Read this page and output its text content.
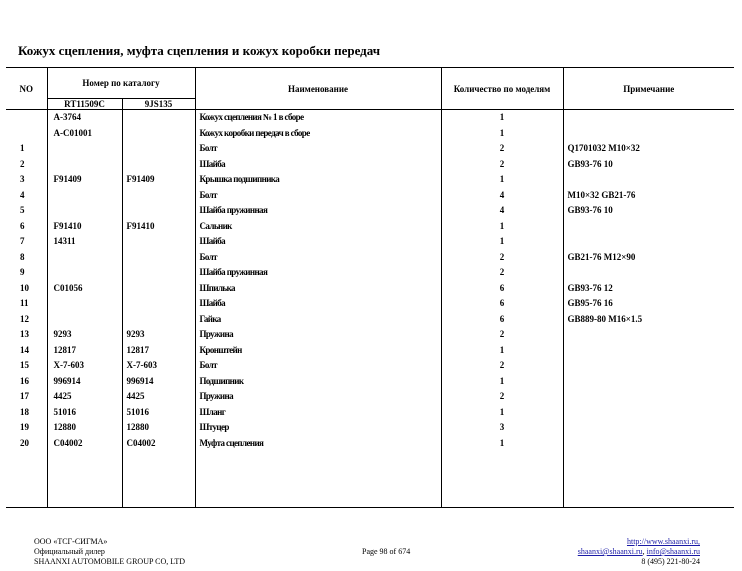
Кожух сцепления, муфта сцепления и кожух коробки передач
NO	Номер по каталогу		Наименование	Количество по моделям	Примечание
	RT11509C	9JS135			
	A-3764		Кожух сцепления № 1 в сборе	1	
	A-C01001		Кожух коробки передач в сборе	1	
1			Болт	2	Q1701032 M10×32
2			Шайба	2	GB93-76 10
3	F91409	F91409	Крышка подшипника	1	
4			Болт	4	M10×32 GB21-76
5			Шайба пружинная	4	GB93-76 10
6	F91410	F91410	Сальник	1	
7	14311		Шайба	1	
8			Болт	2	GB21-76 M12×90
9			Шайба пружинная	2	
10	C01056		Шпилька	6	GB93-76 12
11			Шайба	6	GB95-76 16
12			Гайка	6	GB889-80 M16×1.5
13	9293	9293	Пружина	2	
14	12817	12817	Кронштейн	1	
15	X-7-603	X-7-603	Болт	2	
16	996914	996914	Подшипник	1	
17	4425	4425	Пружина	2	
18	51016	51016	Шланг	1	
19	12880	12880	Штуцер	3	
20	C04002	C04002	Муфта сцепления	1	

ООО «ТСГ-СИГМА»
Официальный дилер
SHAANXI AUTOMOBILE GROUP CO, LTD
Page 98 of 674
http://www.shaanxi.ru,
shaanxi@shaanxi.ru, info@shaanxi.ru
8 (495) 221-80-24
